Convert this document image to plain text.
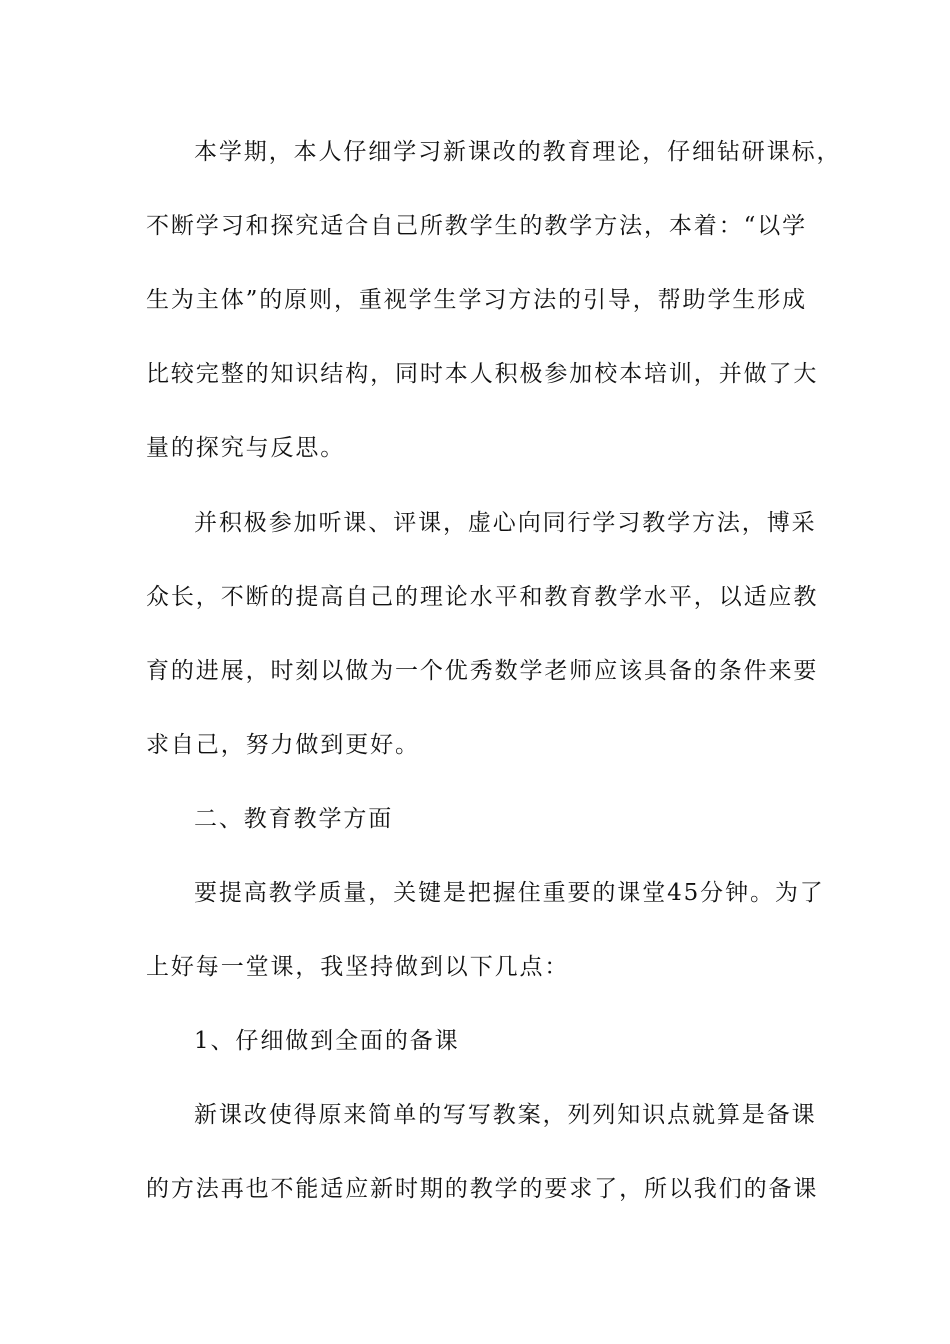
本学期，本人仔细学习新课改的教育理论，仔细钻研课标，
不断学习和探究适合自己所教学生的教学方法，本着：“以学
生为主体”的原则，重视学生学习方法的引导，帮助学生形成
比较完整的知识结构，同时本人积极参加校本培训，并做了大
量的探究与反思。
并积极参加听课、评课，虚心向同行学习教学方法，博采
众长，不断的提高自己的理论水平和教育教学水平，以适应教
育的进展，时刻以做为一个优秀数学老师应该具备的条件来要
求自己，努力做到更好。
二、教育教学方面
要提高教学质量，关键是把握住重要的课堂45分钟。为了
上好每一堂课，我坚持做到以下几点：
1、仔细做到全面的备课
新课改使得原来简单的写写教案，列列知识点就算是备课
的方法再也不能适应新时期的教学的要求了，所以我们的备课
